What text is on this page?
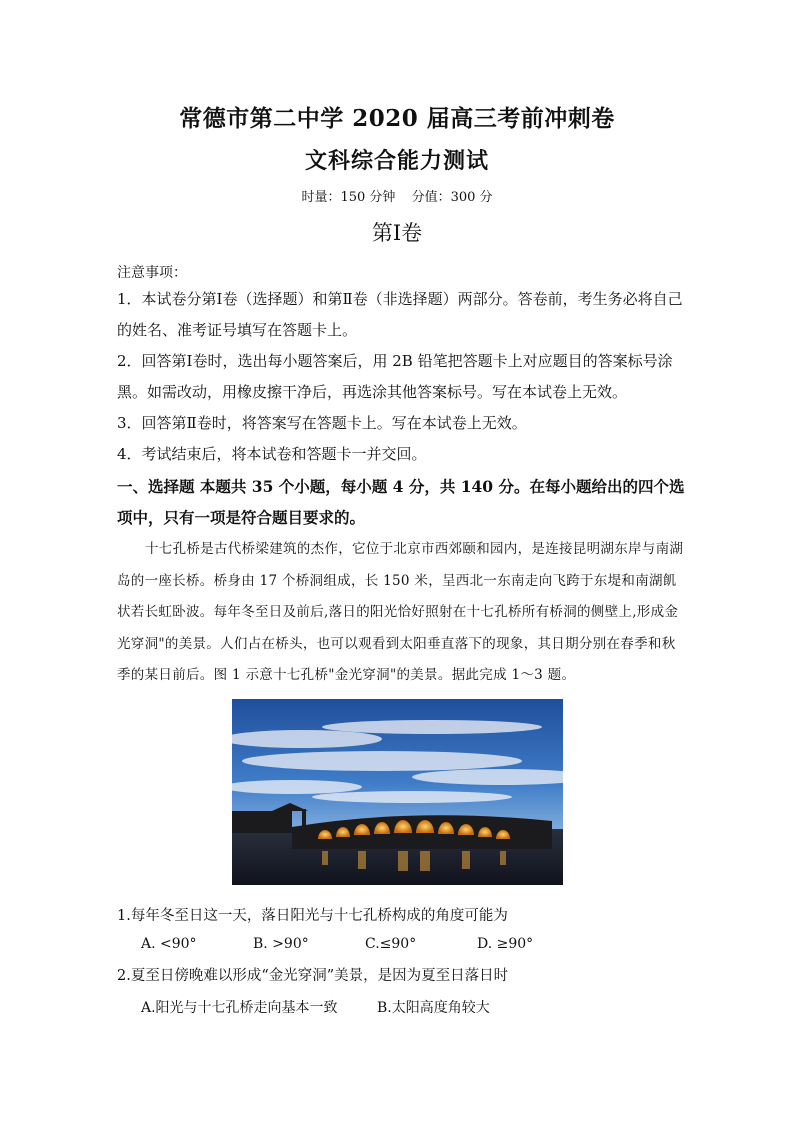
常德市第二中学 2020 届高三考前冲刺卷
文科综合能力测试
时量：150 分钟 分值：300 分
第Ⅰ卷
注意事项：
1．本试卷分第Ⅰ卷（选择题）和第Ⅱ卷（非选择题）两部分。答卷前，考生务必将自己的姓名、准考证号填写在答题卡上。
2．回答第Ⅰ卷时，选出每小题答案后，用 2B 铅笔把答题卡上对应题目的答案标号涂黑。如需改动，用橡皮擦干净后，再选涂其他答案标号。写在本试卷上无效。
3．回答第Ⅱ卷时，将答案写在答题卡上。写在本试卷上无效。
4．考试结束后，将本试卷和答题卡一并交回。
一、选择题 本题共 35 个小题，每小题 4 分，共 140 分。在每小题给出的四个选项中，只有一项是符合题目要求的。
十七孔桥是古代桥梁建筑的杰作，它位于北京市西郊颐和园内，是连接昆明湖东岸与南湖岛的一座长桥。桥身由 17 个桥洞组成，长 150 米，呈西北一东南走向飞跨于东堤和南湖飢状若长虹卧波。每年冬至日及前后,落日的阳光恰好照射在十七孔桥所有桥洞的侧壁上,形成金光穿洞"的美景。人们占在桥头，也可以观看到太阳垂直落下的现象，其日期分别在春季和秋季的某日前后。图 1 示意十七孔桥"金光穿洞"的美景。据此完成 1～3 题。
1.每年冬至日这一天，落日阳光与十七孔桥构成的角度可能为
A. <90°	B. >90°	C.≤90°	D. ≥90°
2.夏至日傍晚难以形成“金光穿洞”美景，是因为夏至日落日时
A.阳光与十七孔桥走向基本一致	B.太阳高度角较大
